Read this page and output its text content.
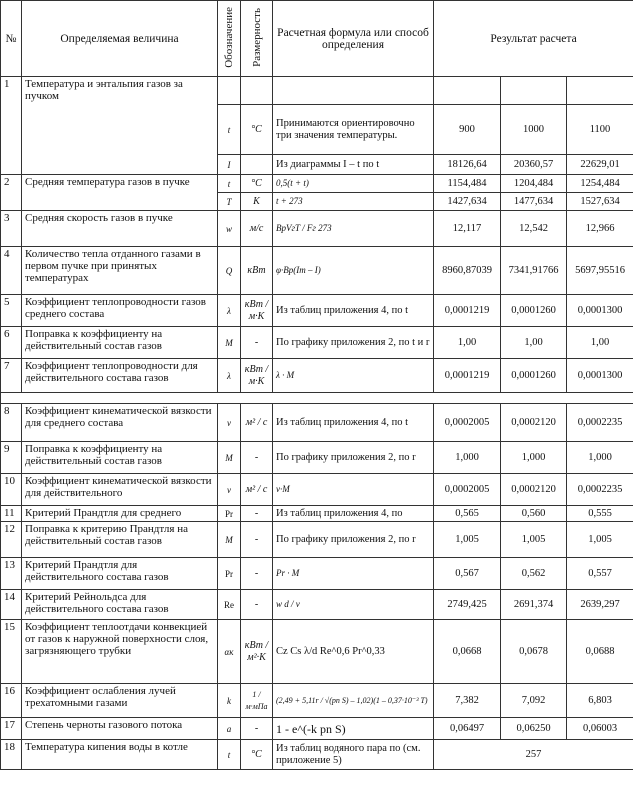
№	Определяемая величина	Обозначение	Размерность	Расчетная формула или способ определения	Результат расчета		
1	Температура и энтальпия газов за пучком						
		t	°C	Принимаются ориентировочно три значения температуры.	900	1000	1100
		I		Из диаграммы I – t по t	18126,64	20360,57	22629,01
2	Средняя температура газов в пучке	t	°C	0,5(t + t)	1154,484	1204,484	1254,484
		T	K	t + 273	1427,634	1477,634	1527,634
3	Средняя скорость газов в пучке	w	м/с	BpVгT / Fг 273	12,117	12,542	12,966
4	Количество тепла отданного газами в первом пучке при принятых температурах	Q	кВт	φ·Bp(Iт – I)	8960,87039	7341,91766	5697,95516
5	Коэффициент теплопроводности газов среднего состава	λ	кВт / м·К	Из таблиц приложения 4, по t	0,0001219	0,0001260	0,0001300
6	Поправка к коэффициенту на действительный состав газов	M	-	По графику приложения 2, по t и r	1,00	1,00	1,00
7	Коэффициент теплопроводности для действительного состава газов	λ	кВт / м·К	λ · M	0,0001219	0,0001260	0,0001300

8	Коэффициент кинематической вязкости для среднего состава	ν	м² / с	Из таблиц приложения 4, по t	0,0002005	0,0002120	0,0002235
9	Поправка к коэффициенту на действительный состав газов	M	-	По графику приложения 2, по r	1,000	1,000	1,000
10	Коэффициент кинематической вязкости для действительного	ν	м² / с	ν·M	0,0002005	0,0002120	0,0002235
11	Критерий Прандтля для среднего	Pr	-	Из таблиц приложения 4, по	0,565	0,560	0,555
12	Поправка к критерию Прандтля на действительный состав газов	M	-	По графику приложения 2, по r	1,005	1,005	1,005
13	Критерий Прандтля для действительного состава газов	Pr	-	Pr · M	0,567	0,562	0,557
14	Критерий Рейнольдса для действительного состава газов	Re	-	w d / ν	2749,425	2691,374	2639,297
15	Коэффициент теплоотдачи конвекцией от газов к наружной поверхности слоя, загрязняющего трубки	αк	кВт / м²·К	Cz Cs λ/d Re^0,6 Pr^0,33	0,0668	0,0678	0,0688
16	Коэффициент ослабления лучей трехатомными газами	k	1 / м·мПа	(2,49 + 5,11r / √(pn S) – 1,02)(1 – 0,37·10⁻³ T)	7,382	7,092	6,803
17	Степень черноты газового потока	a	-	1 - e^(-k pn S)	0,06497	0,06250	0,06003
18	Температура кипения воды в котле	t	°C	Из таблиц водяного пара по (см. приложение 5)	257		
